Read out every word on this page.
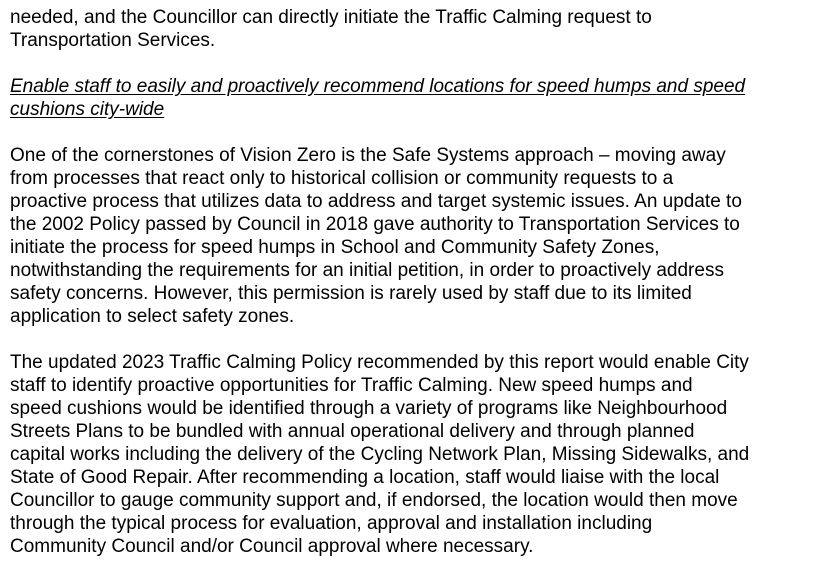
needed, and the Councillor can directly initiate the Traffic Calming request to
Transportation Services.
Enable staff to easily and proactively recommend locations for speed humps and speed
cushions city-wide
One of the cornerstones of Vision Zero is the Safe Systems approach – moving away
from processes that react only to historical collision or community requests to a
proactive process that utilizes data to address and target systemic issues. An update to
the 2002 Policy passed by Council in 2018 gave authority to Transportation Services to
initiate the process for speed humps in School and Community Safety Zones,
notwithstanding the requirements for an initial petition, in order to proactively address
safety concerns. However, this permission is rarely used by staff due to its limited
application to select safety zones.
The updated 2023 Traffic Calming Policy recommended by this report would enable City
staff to identify proactive opportunities for Traffic Calming. New speed humps and
speed cushions would be identified through a variety of programs like Neighbourhood
Streets Plans to be bundled with annual operational delivery and through planned
capital works including the delivery of the Cycling Network Plan, Missing Sidewalks, and
State of Good Repair. After recommending a location, staff would liaise with the local
Councillor to gauge community support and, if endorsed, the location would then move
through the typical process for evaluation, approval and installation including
Community Council and/or Council approval where necessary.
